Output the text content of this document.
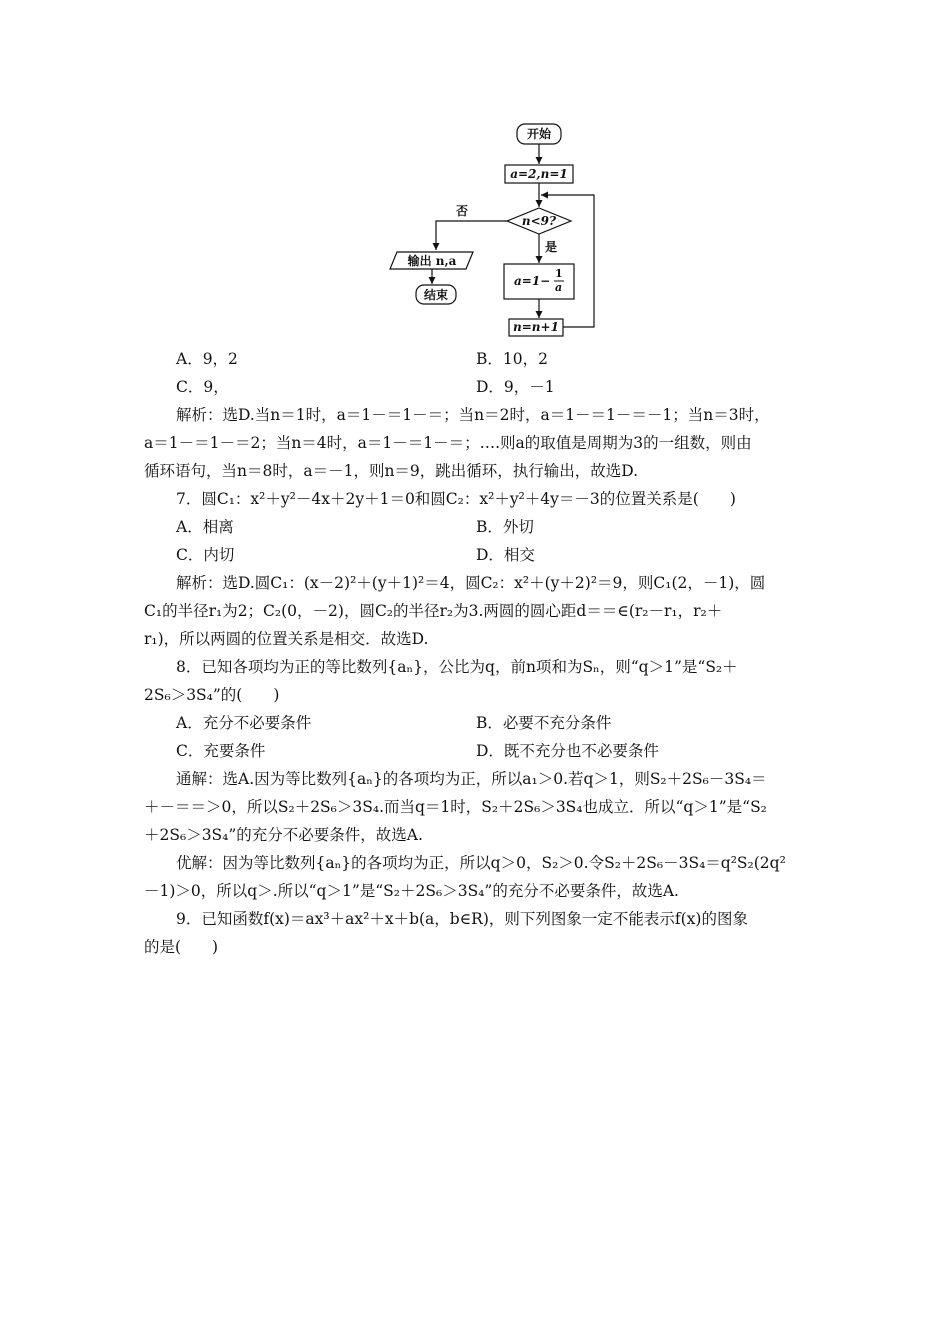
开始
a=2,n=1
n<9?
否
是
输出 n,a
结束
a=1−
1
a
n=n+1
A．9，2	B．10，2
C．9，	D．9，－1
解析：选D.当n＝1时，a＝1－＝1－＝；当n＝2时，a＝1－＝1－＝－1；当n＝3时，
a＝1－＝1－＝2；当n＝4时，a＝1－＝1－＝；….则a的取值是周期为3的一组数，则由
循环语句，当n＝8时，a＝－1，则n＝9，跳出循环，执行输出，故选D.
7．圆C₁：x²＋y²－4x＋2y＋1＝0和圆C₂：x²＋y²＋4y＝－3的位置关系是(　　)
A．相离	B．外切
C．内切	D．相交
解析：选D.圆C₁：(x－2)²＋(y＋1)²＝4，圆C₂：x²＋(y＋2)²＝9，则C₁(2，－1)，圆
C₁的半径r₁为2；C₂(0，－2)，圆C₂的半径r₂为3.两圆的圆心距d＝＝∈(r₂－r₁，r₂＋
r₁)，所以两圆的位置关系是相交．故选D.
8．已知各项均为正的等比数列{aₙ}，公比为q，前n项和为Sₙ，则“q＞1”是“S₂＋
2S₆＞3S₄”的(　　)
A．充分不必要条件	B．必要不充分条件
C．充要条件	D．既不充分也不必要条件
通解：选A.因为等比数列{aₙ}的各项均为正，所以a₁＞0.若q＞1，则S₂＋2S₆－3S₄＝
＋－＝＝＞0，所以S₂＋2S₆＞3S₄.而当q＝1时，S₂＋2S₆＞3S₄也成立．所以“q＞1”是“S₂
＋2S₆＞3S₄”的充分不必要条件，故选A.
优解：因为等比数列{aₙ}的各项均为正，所以q＞0，S₂＞0.令S₂＋2S₆－3S₄＝q²S₂(2q²
－1)＞0，所以q＞.所以“q＞1”是“S₂＋2S₆＞3S₄”的充分不必要条件，故选A.
9．已知函数f(x)＝ax³＋ax²＋x＋b(a，b∈R)，则下列图象一定不能表示f(x)的图象
的是(　　)
